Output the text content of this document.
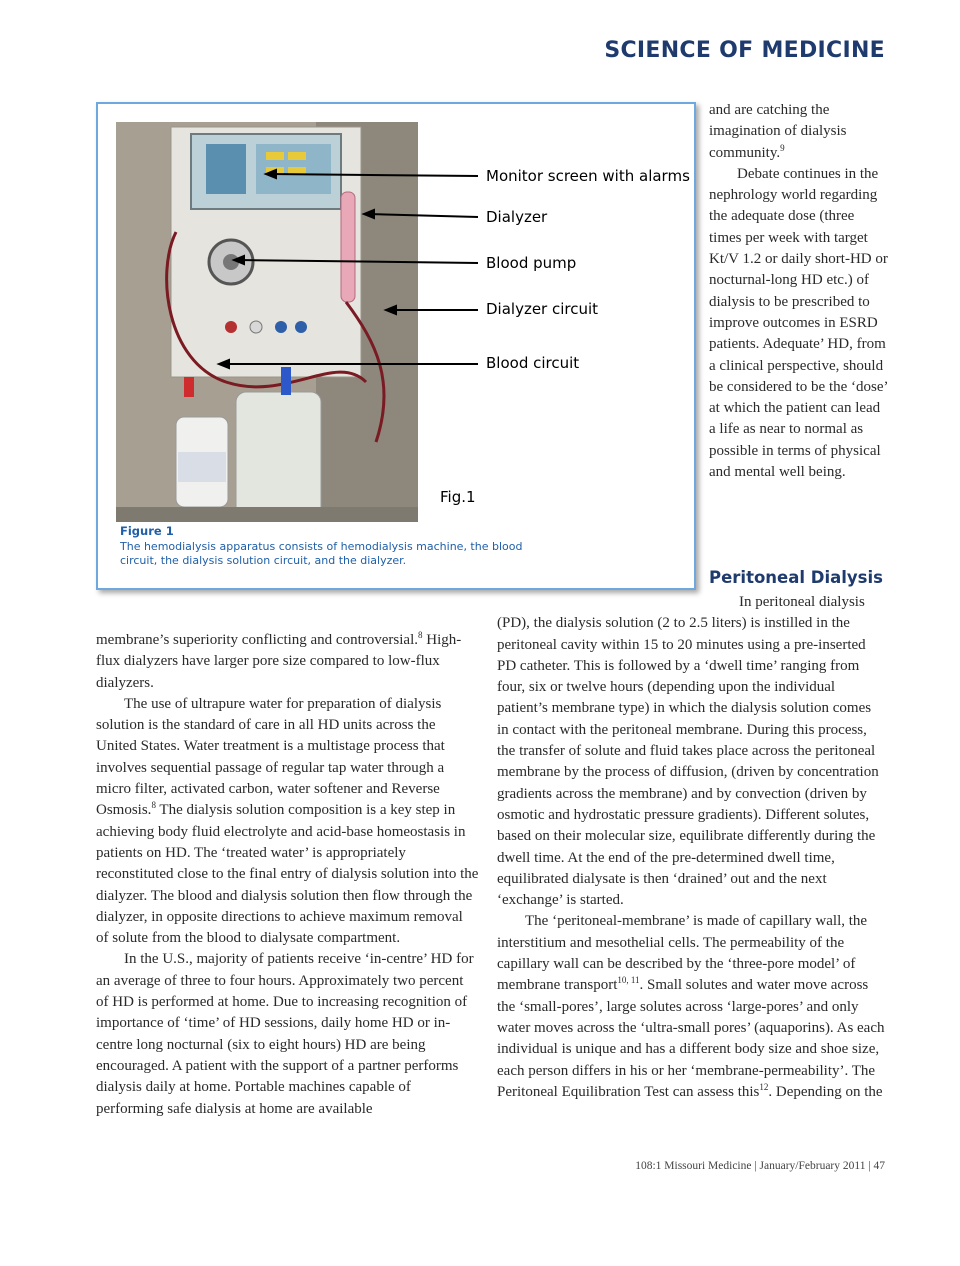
SCIENCE OF MEDICINE
Monitor screen with alarms
Dialyzer
Blood pump
Dialyzer circuit
Blood circuit
Fig.1
Figure 1
The hemodialysis apparatus consists of hemodialysis machine, the blood circuit, the dialysis solution circuit, and the dialyzer.

and are catching the imagination of dialysis community.$^9$

Debate continues in the nephrology world regarding the adequate dose (three times per week with target Kt/V 1.2 or daily short-HD or nocturnal-long HD etc.) of dialysis to be prescribed to improve outcomes in ESRD patients. Adequate’ HD, from a clinical perspective, should be considered to be the ‘dose’ at which the patient can lead a life as near to normal as possible in terms of physical and mental well being.

Peritoneal Dialysis

membrane’s superiority conflicting and controversial.$^8$ High-flux dialyzers have larger pore size compared to low-flux dialyzers.

The use of ultrapure water for preparation of dialysis solution is the standard of care in all HD units across the United States. Water treatment is a multistage process that involves sequential passage of regular tap water through a micro filter, activated carbon, water softener and Reverse Osmosis.$^8$ The dialysis solution composition is a key step in achieving body fluid electrolyte and acid-base homeostasis in patients on HD. The ‘treated water’ is appropriately reconstituted close to the final entry of dialysis solution into the dialyzer. The blood and dialysis solution then flow through the dialyzer, in opposite directions to achieve maximum removal of solute from the blood to dialysate compartment.

In the U.S., majority of patients receive ‘in-centre’ HD for an average of three to four hours. Approximately two percent of HD is performed at home. Due to increasing recognition of importance of ‘time’ of HD sessions, daily home HD or in-centre long nocturnal (six to eight hours) HD are being encouraged. A patient with the support of a partner performs dialysis daily at home. Portable machines capable of performing safe dialysis at home are available

In peritoneal dialysis (PD), the dialysis solution (2 to 2.5 liters) is instilled in the peritoneal cavity within 15 to 20 minutes using a pre-inserted PD catheter. This is followed by a ‘dwell time’ ranging from four, six or twelve hours (depending upon the individual patient’s membrane type) in which the dialysis solution comes in contact with the peritoneal membrane. During this process, the transfer of solute and fluid takes place across the peritoneal membrane by the process of diffusion, (driven by concentration gradients across the membrane) and by convection (driven by osmotic and hydrostatic pressure gradients). Different solutes, based on their molecular size, equilibrate differently during the dwell time. At the end of the pre-determined dwell time, equilibrated dialysate is then ‘drained’ out and the next ‘exchange’ is started.

The ‘peritoneal-membrane’ is made of capillary wall, the interstitium and mesothelial cells. The permeability of the capillary wall can be described by the ‘three-pore model’ of membrane transport$^{10, 11}$. Small solutes and water move across the ‘small-pores’, large solutes across ‘large-pores’ and only water moves across the ‘ultra-small pores’ (aquaporins). As each individual is unique and has a different body size and shoe size, each person differs in his or her ‘membrane-permeability’. The Peritoneal Equilibration Test can assess this$^{12}$. Depending on the

108:1 Missouri Medicine | January/February 2011 | 47
